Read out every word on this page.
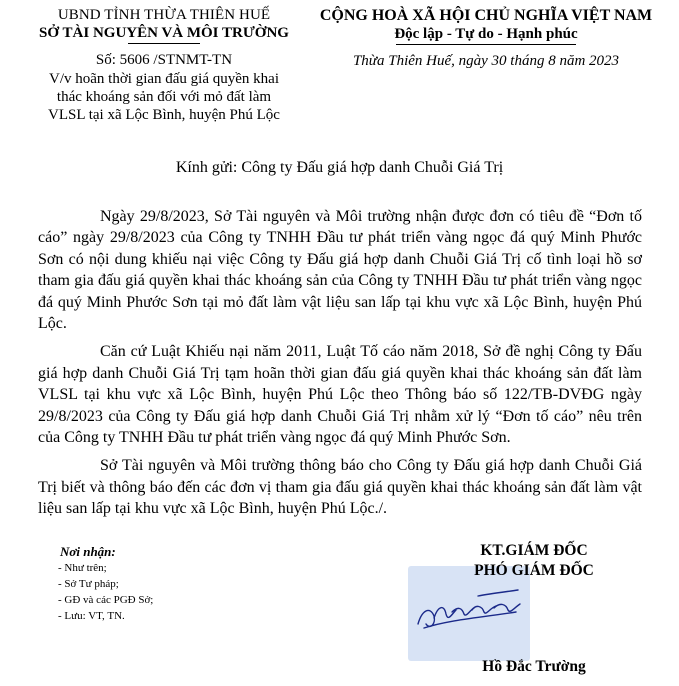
UBND TỈNH THỪA THIÊN HUẾ
SỞ TÀI NGUYÊN VÀ MÔI TRƯỜNG
Số: 5606 /STNMT-TN
V/v hoãn thời gian đấu giá quyền khai
thác khoáng sản đối với mỏ đất làm
VLSL tại xã Lộc Bình, huyện Phú Lộc
CỘNG HOÀ XÃ HỘI CHỦ NGHĨA VIỆT NAM
Độc lập - Tự do - Hạnh phúc
Thừa Thiên Huế, ngày 30 tháng 8 năm 2023
Kính gửi: Công ty Đấu giá hợp danh Chuỗi Giá Trị

Ngày 29/8/2023, Sở Tài nguyên và Môi trường nhận được đơn có tiêu đề “Đơn tố cáo” ngày 29/8/2023 của Công ty TNHH Đầu tư phát triển vàng ngọc đá quý Minh Phước Sơn có nội dung khiếu nại việc Công ty Đấu giá hợp danh Chuỗi Giá Trị cố tình loại hồ sơ tham gia đấu giá quyền khai thác khoáng sản của Công ty TNHH Đầu tư phát triển vàng ngọc đá quý Minh Phước Sơn tại mỏ đất làm vật liệu san lấp tại khu vực xã Lộc Bình, huyện Phú Lộc.

Căn cứ Luật Khiếu nại năm 2011, Luật Tố cáo năm 2018, Sở đề nghị Công ty Đấu giá hợp danh Chuỗi Giá Trị tạm hoãn thời gian đấu giá quyền khai thác khoáng sản đất làm VLSL tại khu vực xã Lộc Bình, huyện Phú Lộc theo Thông báo số 122/TB-DVĐG ngày 29/8/2023 của Công ty Đấu giá hợp danh Chuỗi Giá Trị nhằm xử lý “Đơn tố cáo” nêu trên của Công ty TNHH Đầu tư phát triển vàng ngọc đá quý Minh Phước Sơn.

Sở Tài nguyên và Môi trường thông báo cho Công ty Đấu giá hợp danh Chuỗi Giá Trị biết và thông báo đến các đơn vị tham gia đấu giá quyền khai thác khoáng sản đất làm vật liệu san lấp tại khu vực xã Lộc Bình, huyện Phú Lộc./.

Nơi nhận:
- Như trên;
- Sở Tư pháp;
- GĐ và các PGĐ Sở;
- Lưu: VT, TN.
KT.GIÁM ĐỐC
PHÓ GIÁM ĐỐC
Hồ Đắc Trường
